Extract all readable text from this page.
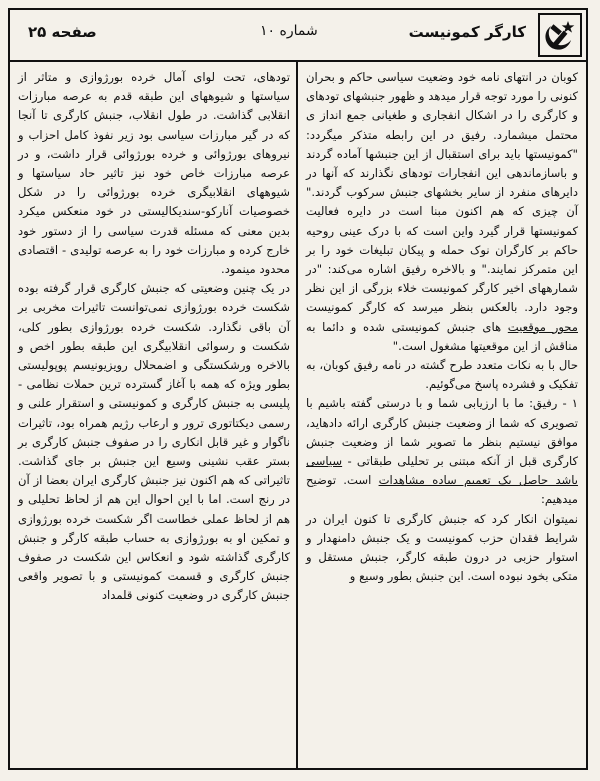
کارگر کمونیست
شماره ۱۰
صفحه ۲۵

کوبان در انتهای نامه خود وضعیت سیاسی حاکم و بحران کنونی را مورد توجه قرار میدهد و ظهور جنبشهای تودهای و کارگری را در اشکال انفجاری و طغیانی جمع انداز ی محتمل میشمارد. رفیق در این رابطه متذکر میگردد: "کمونیستها باید برای استقبال از این جنبشها آماده گردند و باسازماندهی این انفجارات تودهای نگذارند که آنها در دایرهای منفرد از سایر بخشهای جنبش سرکوب گردند." آن چیزی که هم اکنون مبنا است در دایره فعالیت کمونیستها قرار گیرد واین است که با درک عینی روحیه حاکم بر کارگران نوک حمله و پیکان تبلیغات خود را بر این متمرکز نمایند." و بالاخره رفیق اشاره می‌کند: "در شمارههای اخیر کارگر کمونیست خلاء بزرگی از این نظر وجود دارد. بالعکس بنظر میرسد که کارگر کمونیست محور موقعیت های جنبش کمونیستی شده و دائما به مناقش از این موقعیتها مشغول است."

حال با به نکات متعدد طرح گشته در نامه رفیق کوبان، به تفکیک و فشرده پاسخ می‌گوئیم.

۱ - رفیق: ما با ارزیابی شما و با درستی گفته باشیم با تصویری که شما از وضعیت جنبش کارگری ارائه دادهاید، موافق نیستیم بنظر ما تصویر شما از وضعیت جنبش کارگری قبل از آنکه مبتنی بر تحلیلی طبقاتی - سیاسی باشد حاصل یک تعمیم ساده مشاهدات است. توضیح میدهیم:

نمیتوان انکار کرد که جنبش کارگری تا کنون ایران در شرایط فقدان حزب کمونیست و یک جنبش دامنهدار و استوار حزبی در درون طبقه کارگر، جنبش مستقل و متکی بخود نبوده است. این جنبش بطور وسیع و

تودهای، تحت لوای آمال خرده بورژوازی و متاثر از سیاستها و شیوههای این طبقه قدم به عرصه مبارزات انقلابی گذاشت. در طول انقلاب، جنبش کارگری تا آنجا که در گیر مبارزات سیاسی بود زیر نفوذ کامل احزاب و نیروهای بورژوائی و خرده بورژوائی قرار داشت، و در عرصه مبارزات خاص خود نیز تاثیر حاد سیاستها و شیوههای انقلابیگری خرده بورژوائی را در شکل خصوصیات آنارکو-سندیکالیستی در خود منعکس میکرد بدین معنی که مسئله قدرت سیاسی را از دستور خود خارج کرده و مبارزات خود را به عرصه تولیدی - اقتصادی محدود مینمود.

در یک چنین وضعیتی که جنبش کارگری قرار گرفته بوده شکست خرده بورژوازی نمی‌توانست تاثیرات مخربی بر آن باقی نگذارد. شکست خرده بورژوازی بطور کلی، شکست و رسوائی انقلابیگری این طبقه بطور اخص و بالاخره ورشکستگی و اضمحلال رویزیونیسم پوپولیستی بطور ویژه که همه با آغاز گسترده ترین حملات نظامی - پلیسی به جنبش کارگری و کمونیستی و استقرار علنی و رسمی دیکتاتوری ترور و ارعاب رژیم همراه بود، تاثیرات ناگوار و غیر قابل انکاری را در صفوف جنبش کارگری بر بستر عقب نشینی وسیع این جنبش بر جای گذاشت. تاثیراتی که هم اکنون نیز جنبش کارگری ایران بعضا از آن در رنج است. اما با این احوال این هم از لحاظ تحلیلی و هم از لحاظ عملی خطاست اگر شکست خرده بورژوازی و تمکین او به بورژوازی به حساب طبقه کارگر و جنبش کارگری گذاشته شود و انعکاس این شکست در صفوف جنبش کارگری و قسمت کمونیستی و با تصویر واقعی جنبش کارگری در وضعیت کنونی قلمداد
